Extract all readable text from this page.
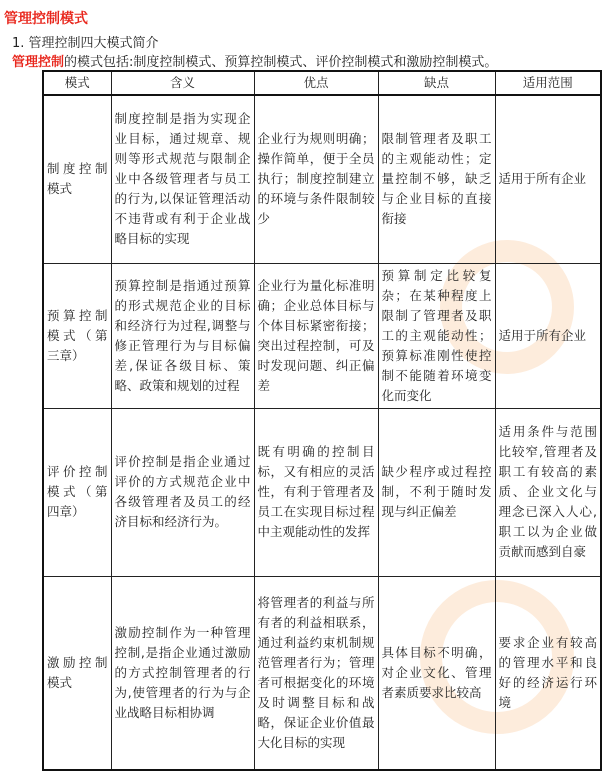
管理控制模式
1. 管理控制四大模式简介
管理控制的模式包括:制度控制模式、预算控制模式、评价控制模式和激励控制模式。
模式	含义	优点	缺点	适用范围
制度控制模式	制度控制是指为实现企业目标，通过规章、规则等形式规范与限制企业中各级管理者与员工的行为,以保证管理活动不违背或有利于企业战略目标的实现	企业行为规则明确；操作简单，便于全员执行；制度控制建立的环境与条件限制较少	限制管理者及职工的主观能动性；定量控制不够，缺乏与企业目标的直接衔接	适用于所有企业
预算控制模式（第三章）	预算控制是指通过预算的形式规范企业的目标和经济行为过程,调整与修正管理行为与目标偏差,保证各级目标、策略、政策和规划的过程	企业行为量化标准明确；企业总体目标与个体目标紧密衔接；突出过程控制，可及时发现问题、纠正偏差	预算制定比较复杂；在某种程度上限制了管理者及职工的主观能动性；预算标准刚性使控制不能随着环境变化而变化	适用于所有企业
评价控制模式（第四章）	评价控制是指企业通过评价的方式规范企业中各级管理者及员工的经济目标和经济行为。	既有明确的控制目标，又有相应的灵活性，有利于管理者及员工在实现目标过程中主观能动性的发挥	缺少程序或过程控制，不利于随时发现与纠正偏差	适用条件与范围比较窄,管理者及职工有较高的素质、企业文化与理念已深入人心,职工以为企业做贡献而感到自豪
激励控制模式	激励控制作为一种管理控制,是指企业通过激励的方式控制管理者的行为,使管理者的行为与企业战略目标相协调	将管理者的利益与所有者的利益相联系，通过利益约束机制规范管理者行为；管理者可根据变化的环境及时调整目标和战略，保证企业价值最大化目标的实现	具体目标不明确，对企业文化、管理者素质要求比较高	要求企业有较高的管理水平和良好的经济运行环境
